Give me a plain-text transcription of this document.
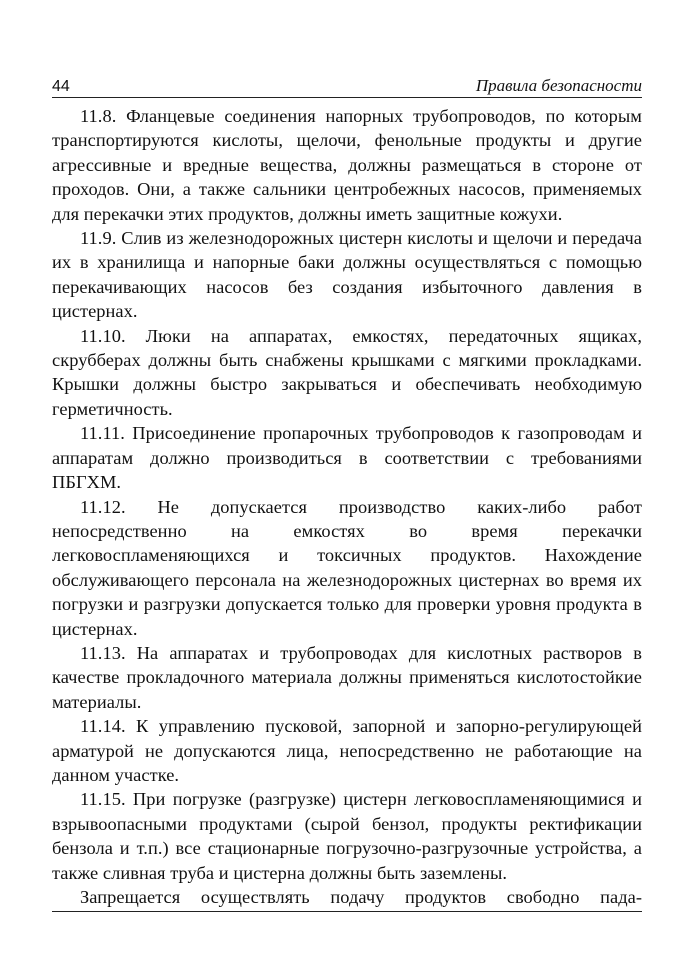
44	Правила безопасности

11.8. Фланцевые соединения напорных трубопроводов, по которым транспортируются кислоты, щелочи, фенольные продукты и другие агрессивные и вредные вещества, должны размещаться в стороне от проходов. Они, а также сальники центробежных насосов, применяемых для перекачки этих продуктов, должны иметь защитные кожухи.

11.9. Слив из железнодорожных цистерн кислоты и щелочи и передача их в хранилища и напорные баки должны осуществляться с помощью перекачивающих насосов без создания избыточного давления в цистернах.

11.10. Люки на аппаратах, емкостях, передаточных ящиках, скрубберах должны быть снабжены крышками с мягкими прокладками. Крышки должны быстро закрываться и обеспечивать необходимую герметичность.

11.11. Присоединение пропарочных трубопроводов к газопроводам и аппаратам должно производиться в соответствии с требованиями ПБГХМ.

11.12. Не допускается производство каких-либо работ непосредственно на емкостях во время перекачки легковоспламеняющихся и токсичных продуктов. Нахождение обслуживающего персонала на железнодорожных цистернах во время их погрузки и разгрузки допускается только для проверки уровня продукта в цистернах.

11.13. На аппаратах и трубопроводах для кислотных растворов в качестве прокладочного материала должны применяться кислотостойкие материалы.

11.14. К управлению пусковой, запорной и запорно-регулирующей арматурой не допускаются лица, непосредственно не работающие на данном участке.

11.15. При погрузке (разгрузке) цистерн легковоспламеняющимися и взрывоопасными продуктами (сырой бензол, продукты ректификации бензола и т.п.) все стационарные погрузочно-разгрузочные устройства, а также сливная труба и цистерна должны быть заземлены.

Запрещается осуществлять подачу продуктов свободно пада-
